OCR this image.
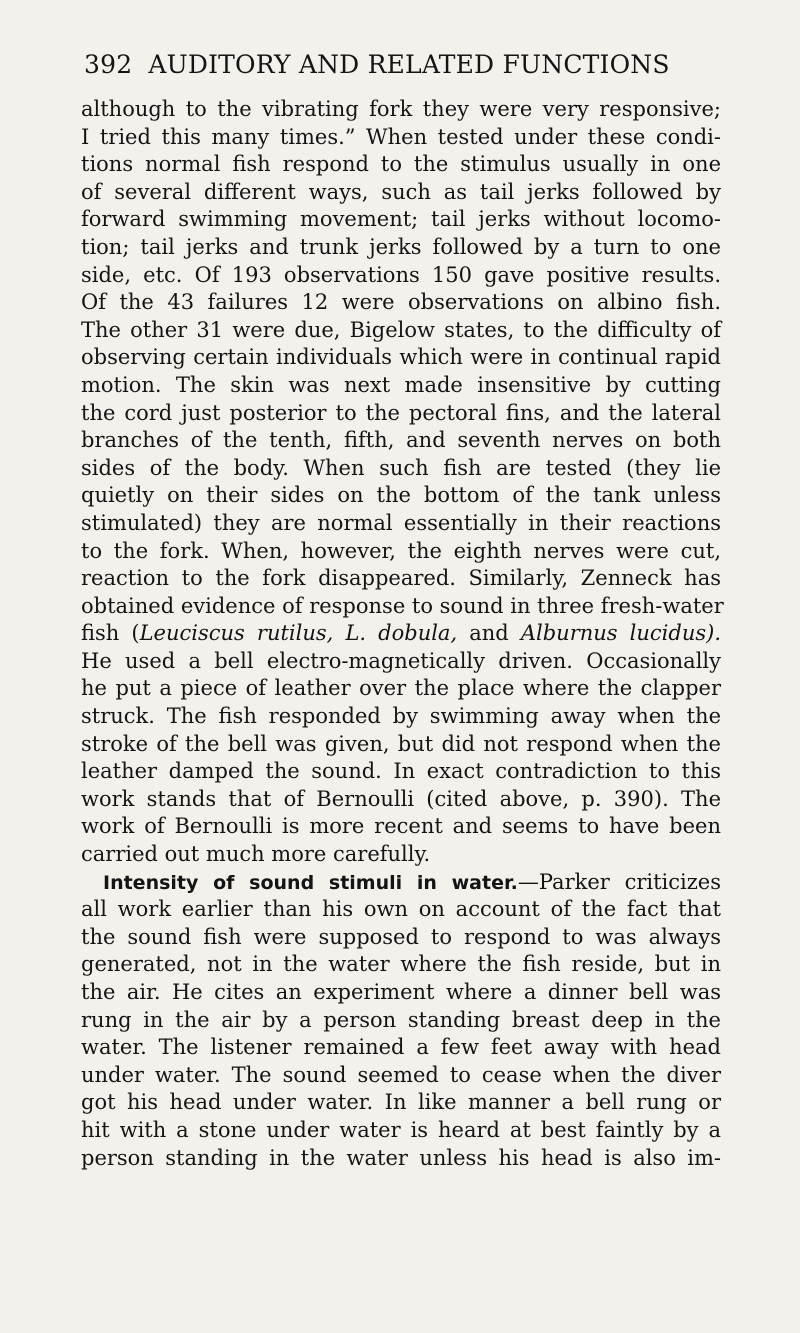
392 AUDITORY AND RELATED FUNCTIONS
although to the vibrating fork they were very responsive;
I tried this many times.” When tested under these condi-
tions normal fish respond to the stimulus usually in one
of several different ways, such as tail jerks followed by
forward swimming movement; tail jerks without locomo-
tion; tail jerks and trunk jerks followed by a turn to one
side, etc. Of 193 observations 150 gave positive results.
Of the 43 failures 12 were observations on albino fish.
The other 31 were due, Bigelow states, to the difficulty of
observing certain individuals which were in continual rapid
motion. The skin was next made insensitive by cutting
the cord just posterior to the pectoral fins, and the lateral
branches of the tenth, fifth, and seventh nerves on both
sides of the body. When such fish are tested (they lie
quietly on their sides on the bottom of the tank unless
stimulated) they are normal essentially in their reactions
to the fork. When, however, the eighth nerves were cut,
reaction to the fork disappeared. Similarly, Zenneck has
obtained evidence of response to sound in three fresh-water
fish (Leuciscus rutilus, L. dobula, and Alburnus lucidus).
He used a bell electro-magnetically driven. Occasionally
he put a piece of leather over the place where the clapper
struck. The fish responded by swimming away when the
stroke of the bell was given, but did not respond when the
leather damped the sound. In exact contradiction to this
work stands that of Bernoulli (cited above, p. 390). The
work of Bernoulli is more recent and seems to have been
carried out much more carefully.
Intensity of sound stimuli in water.—Parker criticizes
all work earlier than his own on account of the fact that
the sound fish were supposed to respond to was always
generated, not in the water where the fish reside, but in
the air. He cites an experiment where a dinner bell was
rung in the air by a person standing breast deep in the
water. The listener remained a few feet away with head
under water. The sound seemed to cease when the diver
got his head under water. In like manner a bell rung or
hit with a stone under water is heard at best faintly by a
person standing in the water unless his head is also im-
